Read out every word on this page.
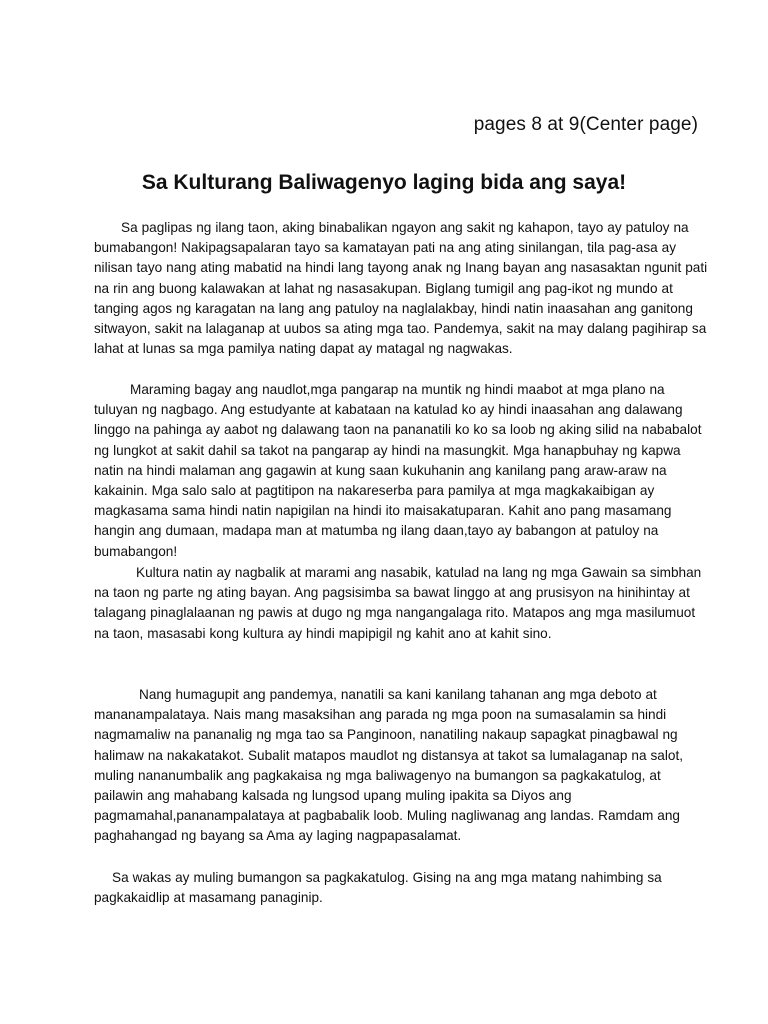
pages 8 at 9(Center page)
Sa Kulturang Baliwagenyo laging bida ang saya!

Sa paglipas ng ilang taon, aking binabalikan ngayon ang sakit ng kahapon, tayo ay patuloy na bumabangon! Nakipagsapalaran tayo sa kamatayan pati na ang ating sinilangan, tila pag-asa ay nilisan tayo nang ating mabatid na hindi lang tayong anak ng Inang bayan ang nasasaktan ngunit pati na rin ang buong kalawakan at lahat ng nasasakupan. Biglang tumigil ang pag-ikot ng mundo at tanging agos ng karagatan na lang ang patuloy na naglalakbay, hindi natin inaasahan ang ganitong sitwayon, sakit na lalaganap at uubos sa ating mga tao. Pandemya, sakit na may dalang pagihirap sa lahat at lunas sa mga pamilya nating dapat ay matagal ng nagwakas.

Maraming bagay ang naudlot,mga pangarap na muntik ng hindi maabot at mga plano na tuluyan ng nagbago. Ang estudyante at kabataan na katulad ko ay hindi inaasahan ang dalawang linggo na pahinga ay aabot ng dalawang taon na pananatili ko ko sa loob ng aking silid na nababalot ng lungkot at sakit dahil sa takot na pangarap ay hindi na masungkit. Mga hanapbuhay ng kapwa natin na hindi malaman ang gagawin at kung saan kukuhanin ang kanilang pang araw-araw na kakainin. Mga salo salo at pagtitipon na nakareserba para pamilya at mga magkakaibigan ay magkasama sama hindi natin napigilan na hindi ito maisakatuparan. Kahit ano pang masamang hangin ang dumaan, madapa man at matumba ng ilang daan,tayo ay babangon at patuloy na bumabangon!

Kultura natin ay nagbalik at marami ang nasabik, katulad na lang ng mga Gawain sa simbhan na taon ng parte ng ating bayan. Ang pagsisimba sa bawat linggo at ang prusisyon na hinihintay at talagang pinaglalaanan ng pawis at dugo ng mga nangangalaga rito. Matapos ang mga masilumuot na taon, masasabi kong kultura ay hindi mapipigil ng kahit ano at kahit sino.

Nang humagupit ang pandemya, nanatili sa kani kanilang tahanan ang mga deboto at mananampalataya. Nais mang masaksihan ang parada ng mga poon na sumasalamin sa hindi nagmamaliw na pananalig ng mga tao sa Panginoon, nanatiling nakaup sapagkat pinagbawal ng halimaw na nakakatakot. Subalit matapos maudlot ng distansya at takot sa lumalaganap na salot, muling nananumbalik ang pagkakaisa ng mga baliwagenyo na bumangon sa pagkakatulog, at pailawin ang mahabang kalsada ng lungsod upang muling ipakita sa Diyos ang pagmamahal,pananampalataya at pagbabalik loob. Muling nagliwanag ang landas. Ramdam ang paghahangad ng bayang sa Ama ay laging nagpapasalamat.

Sa wakas ay muling bumangon sa pagkakatulog. Gising na ang mga matang nahimbing sa pagkakaidlip at masamang panaginip.
